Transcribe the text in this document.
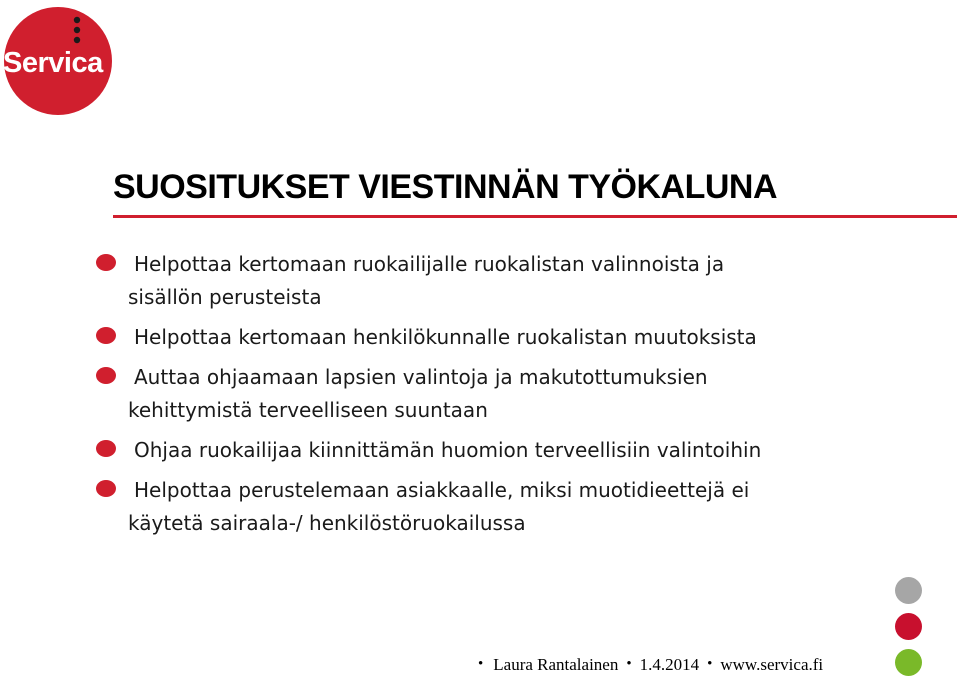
Servica
SUOSITUKSET VIESTINNÄN TYÖKALUNA
Helpottaa kertomaan ruokailijalle ruokalistan valinnoista ja
sisällön perusteista
Helpottaa kertomaan henkilökunnalle ruokalistan muutoksista
Auttaa ohjaamaan lapsien valintoja ja makutottumuksien
kehittymistä terveelliseen suuntaan
Ohjaa ruokailijaa kiinnittämän huomion terveellisiin valintoihin
Helpottaa perustelemaan asiakkaalle, miksi muotidieettejä ei
käytetä sairaala-/ henkilöstöruokailussa
• Laura Rantalainen • 1.4.2014 • www.servica.fi
